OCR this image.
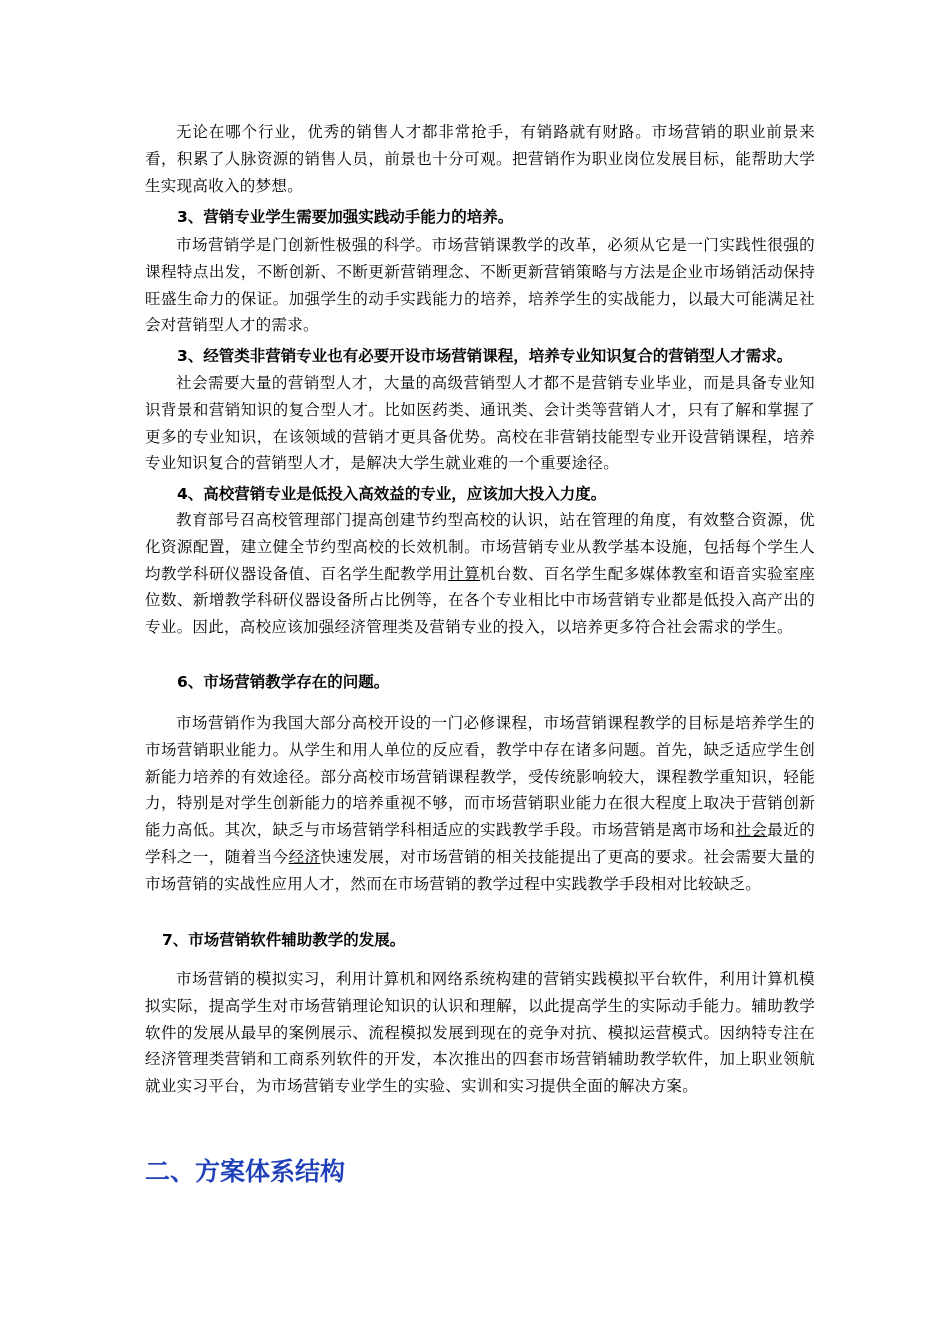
无论在哪个行业，优秀的销售人才都非常抢手，有销路就有财路。市场营销的职业前景来看，积累了人脉资源的销售人员，前景也十分可观。把营销作为职业岗位发展目标，能帮助大学生实现高收入的梦想。

3、营销专业学生需要加强实践动手能力的培养。

市场营销学是门创新性极强的科学。市场营销课教学的改革，必须从它是一门实践性很强的课程特点出发，不断创新、不断更新营销理念、不断更新营销策略与方法是企业市场销活动保持旺盛生命力的保证。加强学生的动手实践能力的培养，培养学生的实战能力，以最大可能满足社会对营销型人才的需求。

3、经管类非营销专业也有必要开设市场营销课程，培养专业知识复合的营销型人才需求。

社会需要大量的营销型人才，大量的高级营销型人才都不是营销专业毕业，而是具备专业知识背景和营销知识的复合型人才。比如医药类、通讯类、会计类等营销人才，只有了解和掌握了更多的专业知识，在该领域的营销才更具备优势。高校在非营销技能型专业开设营销课程，培养专业知识复合的营销型人才，是解决大学生就业难的一个重要途径。

4、高校营销专业是低投入高效益的专业，应该加大投入力度。

教育部号召高校管理部门提高创建节约型高校的认识，站在管理的角度，有效整合资源，优化资源配置，建立健全节约型高校的长效机制。市场营销专业从教学基本设施，包括每个学生人均教学科研仪器设备值、百名学生配教学用计算机台数、百名学生配多媒体教室和语音实验室座位数、新增教学科研仪器设备所占比例等，在各个专业相比中市场营销专业都是低投入高产出的专业。因此，高校应该加强经济管理类及营销专业的投入，以培养更多符合社会需求的学生。

6、市场营销教学存在的问题。

市场营销作为我国大部分高校开设的一门必修课程，市场营销课程教学的目标是培养学生的市场营销职业能力。从学生和用人单位的反应看，教学中存在诸多问题。首先，缺乏适应学生创新能力培养的有效途径。部分高校市场营销课程教学，受传统影响较大，课程教学重知识，轻能力，特别是对学生创新能力的培养重视不够，而市场营销职业能力在很大程度上取决于营销创新能力高低。其次，缺乏与市场营销学科相适应的实践教学手段。市场营销是离市场和社会最近的学科之一，随着当今经济快速发展，对市场营销的相关技能提出了更高的要求。社会需要大量的市场营销的实战性应用人才，然而在市场营销的教学过程中实践教学手段相对比较缺乏。

7、市场营销软件辅助教学的发展。

市场营销的模拟实习，利用计算机和网络系统构建的营销实践模拟平台软件，利用计算机模拟实际，提高学生对市场营销理论知识的认识和理解，以此提高学生的实际动手能力。辅助教学软件的发展从最早的案例展示、流程模拟发展到现在的竞争对抗、模拟运营模式。因纳特专注在经济管理类营销和工商系列软件的开发，本次推出的四套市场营销辅助教学软件，加上职业领航就业实习平台，为市场营销专业学生的实验、实训和实习提供全面的解决方案。

二、方案体系结构
